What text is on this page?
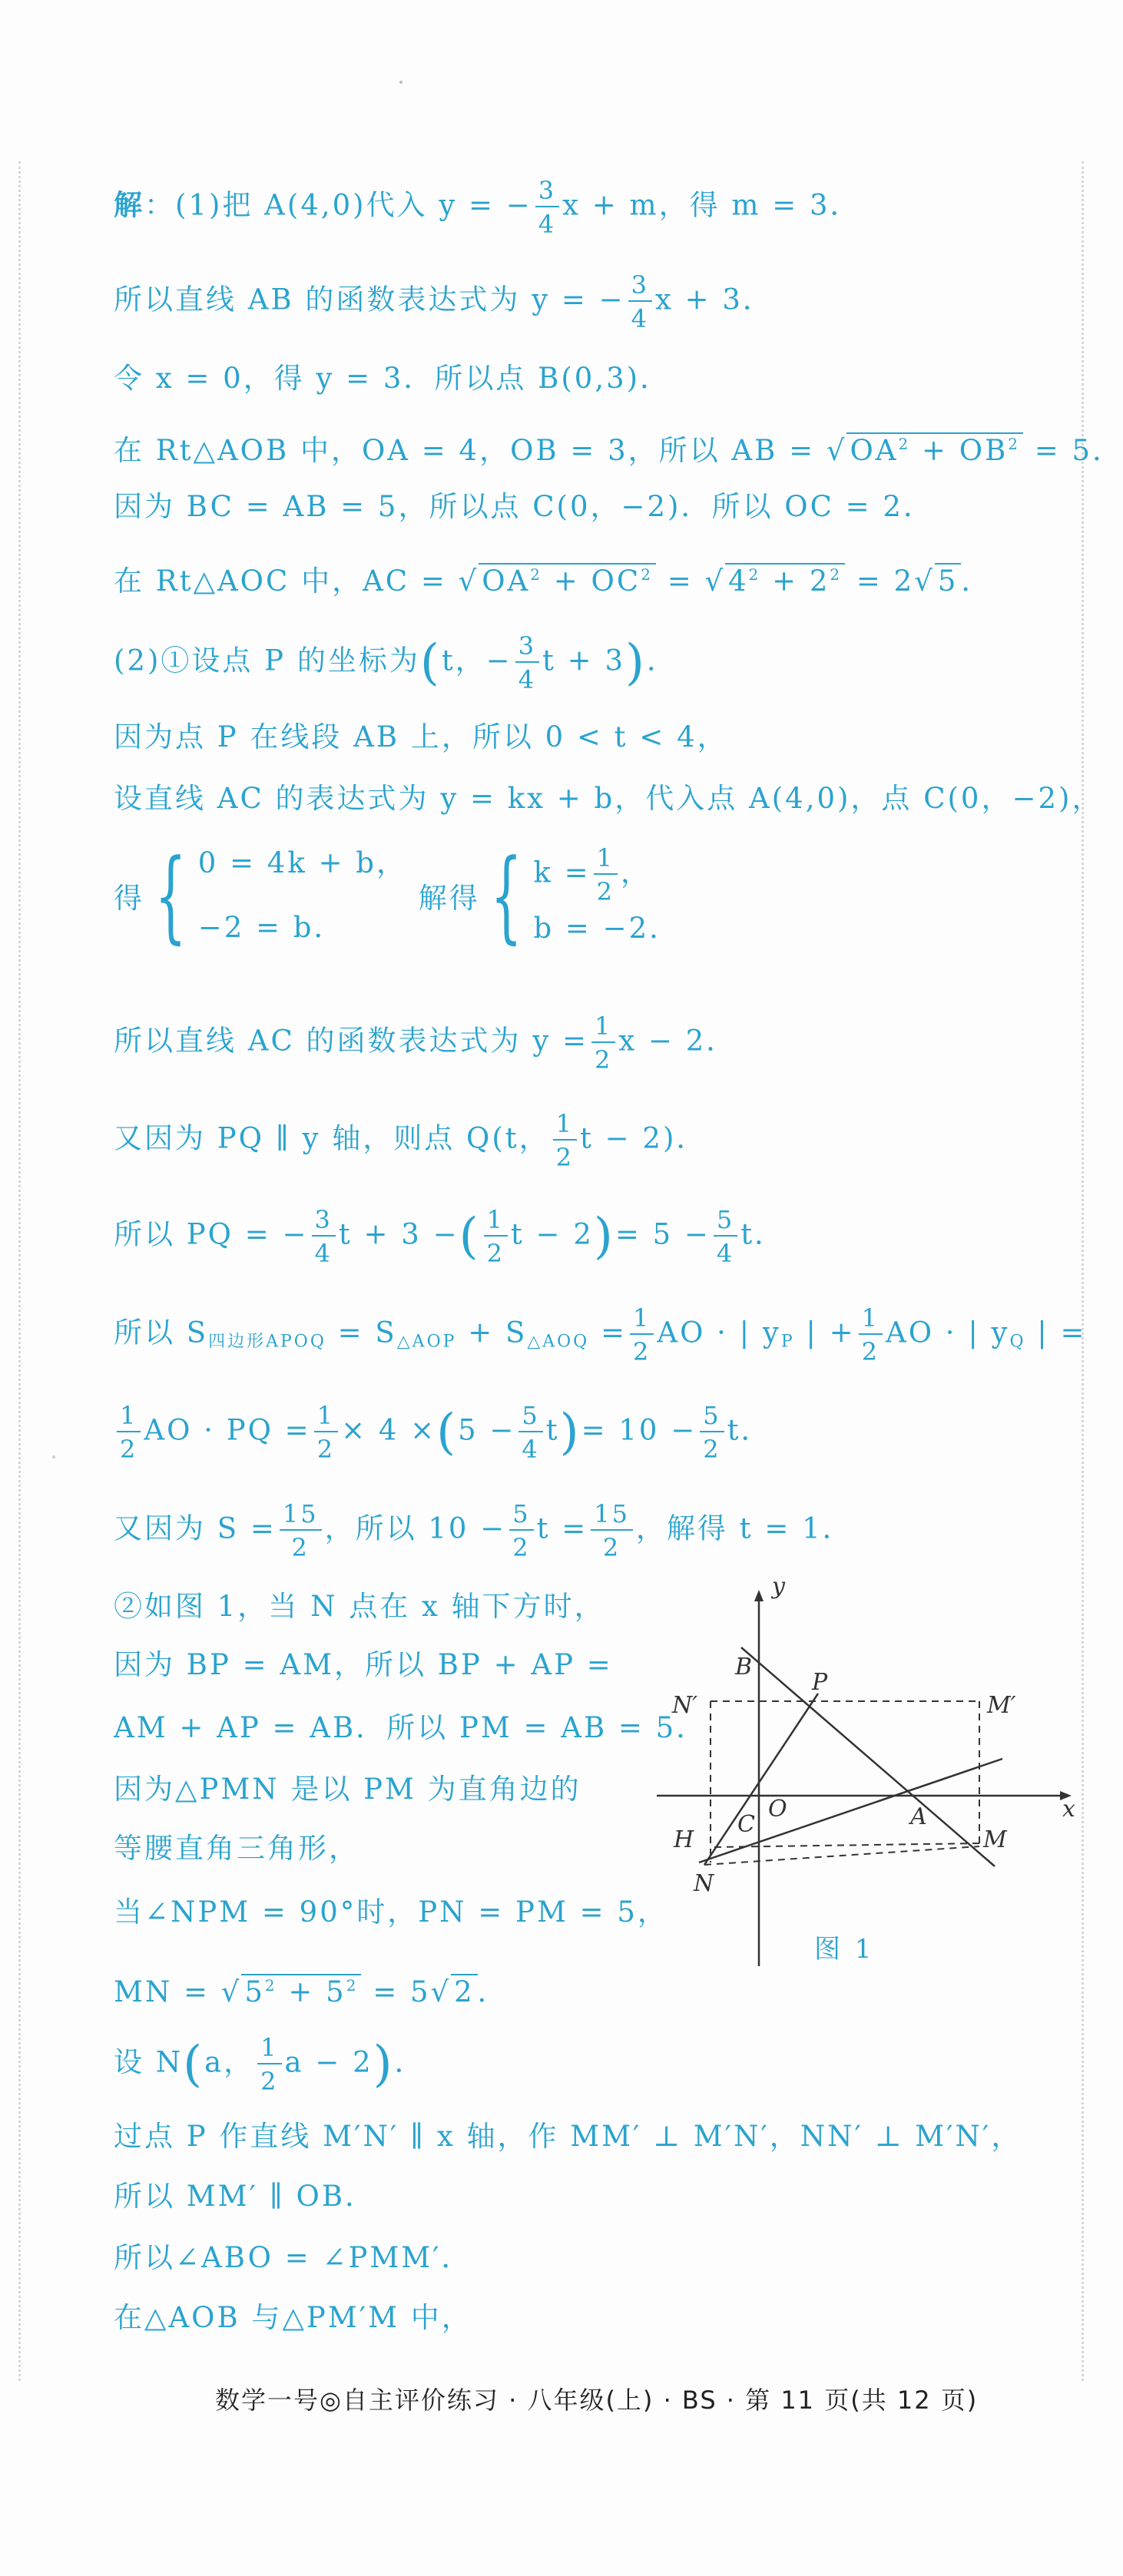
解：(1)把 A(4,0)代入 y = − $\frac{3}{4}$ x + m，得 m = 3．
所以直线 AB 的函数表达式为 y = − $\frac{3}{4}$ x + 3．
令 x = 0，得 y = 3．所以点 B(0,3)．
在 Rt△AOB 中，OA = 4，OB = 3，所以 AB = √ $OA^2 + OB^2 = 5$．
因为 BC = AB = 5，所以点 C(0，−2)．所以 OC = 2．
在 Rt△AOC 中，AC = √ $OA^2 + OC^2$ = √ $4^2 + 2^2 = 2√$ 5 ．
(2)①设点 P 的坐标为(t，− $\frac{3}{4}$ t + 3)．
因为点 P 在线段 AB 上，所以 0 < t < 4，
设直线 AC 的表达式为 y = kx + b，代入点 A(4,0)，点 C(0，−2)，
得 { 0 = 4k + b，
−2 = b．
解得 { $k = \frac{1}{2}$ ，
b = −2．
所以直线 AC 的函数表达式为 $y = \frac{1}{2}$ x − 2．
又因为 PQ ∥ y 轴，则点 Q(t， $\frac{1}{2}$ t − 2)．
所以 PQ = − $\frac{3}{4}$ t + 3 −( $\frac{1}{2}$ $t - 2)= 5 - \frac{5}{4}$ t．
所以 $S_{四边形APOQ} = S_{\triangle AOP} + S_{\triangle AOQ} = \frac{1}{2}$ AO · | $y_P$ | + $\frac{1}{2}$ AO · | $y_Q$ | =
$\frac{1}{2}$ AO · PQ = $\frac{1}{2} \times 4 \times(5 - \frac{5}{4} t)= 10 - \frac{5}{2}$ t．
又因为 $S = \frac{15}{2}$ ，所以 $10 - \frac{5}{2}$ $t = \frac{15}{2}$ ，解得 t = 1．
②如图 1，当 N 点在 x 轴下方时，
因为 BP = AM，所以 BP + AP =
AM + AP = AB．所以 PM = AB = 5．
因为△PMN 是以 PM 为直角边的
等腰直角三角形，
当∠NPM = 90°时，PN = PM = 5，
MN = √ $5^2 + 5^2 = 5√$ 2 ．
设 N(a， $\frac{1}{2}$ a − 2)．
过点 P 作直线 M′N′ ∥ x 轴，作 MM′ ⊥ M′N′，NN′ ⊥ M′N′，
所以 MM′ ∥ OB．
所以∠ABO = ∠PMM′．
在△AOB 与△PM′M 中，
y
x
B
P
N′	M′
O
C	A
M
H
N
图 1
数学一号◎自主评价练习 · 八年级(上) · BS · 第 11 页(共 12 页)
